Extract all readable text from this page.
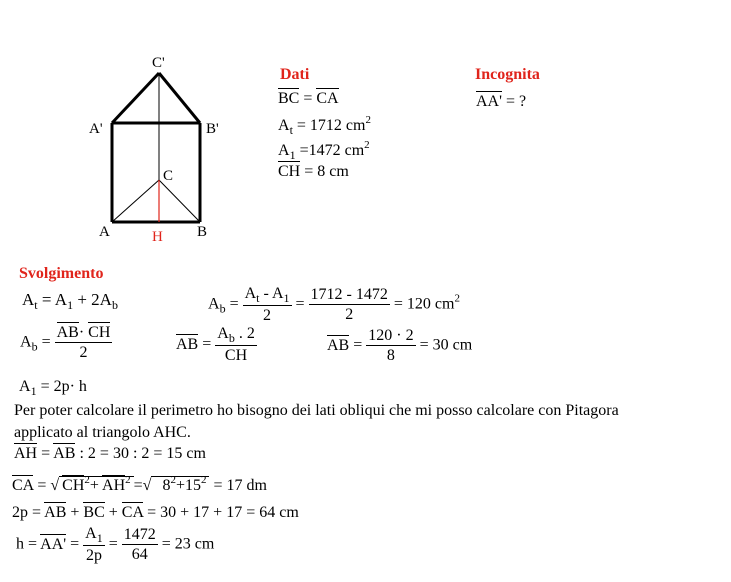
C'
A'	B'
C
A	B
H
Dati
BC = CA
$A_t = 1712$ $cm^2$
$A_1 =1472$ $cm^2$
CH = 8 cm
Incognita
AA' = ?
Svolgimento
$A_t = A_1 + 2A_b$	$A_b = \frac{A_t - A_1}{2} = \frac{1712 - 1472}{2} = 120$ $cm^2$
$A_b = \frac{AB\cdot CH}{2}$	AB = $\frac{A_b . 2}{CH}$	AB = $\frac{120 \cdot 2}{8} = 30$ cm
$A_1 = 2p\cdot h$
Per poter calcolare il perimetro ho bisogno dei lati obliqui che mi posso calcolare con Pitagora
applicato al triangolo AHC.
AH = AB : 2 = 30 : 2 = 15 cm
CA = √ $CH^2+ AH^2$ =√ $8^2+15^2 = 17$ dm
2p = AB + BC + CA = 30 + 17 + 17 = 64 cm
$h = AA' = \frac{A_1}{2p} = \frac{1472}{64} = 23$ cm
